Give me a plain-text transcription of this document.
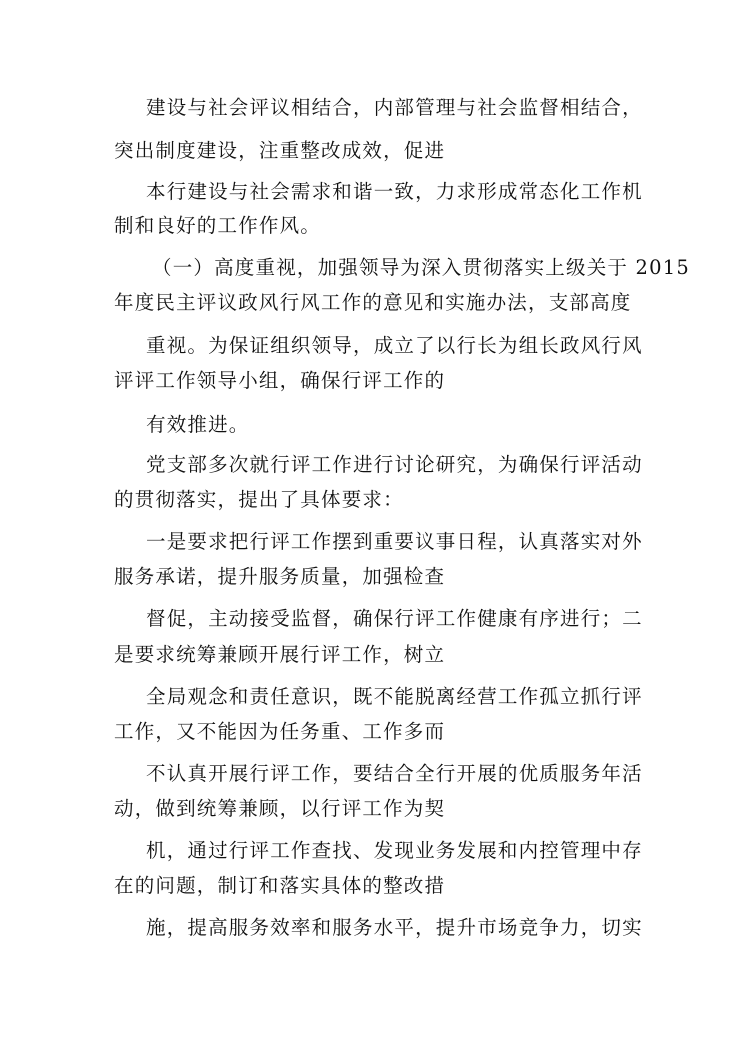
建设与社会评议相结合，内部管理与社会监督相结合，
突出制度建设，注重整改成效，促进
本行建设与社会需求和谐一致，力求形成常态化工作机
制和良好的工作作风。
（一）高度重视，加强领导为深入贯彻落实上级关于 2015
年度民主评议政风行风工作的意见和实施办法，支部高度
重视。为保证组织领导，成立了以行长为组长政风行风
评评工作领导小组，确保行评工作的
有效推进。
党支部多次就行评工作进行讨论研究，为确保行评活动
的贯彻落实，提出了具体要求：
一是要求把行评工作摆到重要议事日程，认真落实对外
服务承诺，提升服务质量，加强检查
督促，主动接受监督，确保行评工作健康有序进行；二
是要求统筹兼顾开展行评工作，树立
全局观念和责任意识，既不能脱离经营工作孤立抓行评
工作，又不能因为任务重、工作多而
不认真开展行评工作，要结合全行开展的优质服务年活
动，做到统筹兼顾，以行评工作为契
机，通过行评工作查找、发现业务发展和内控管理中存
在的问题，制订和落实具体的整改措
施，提高服务效率和服务水平，提升市场竞争力，切实
